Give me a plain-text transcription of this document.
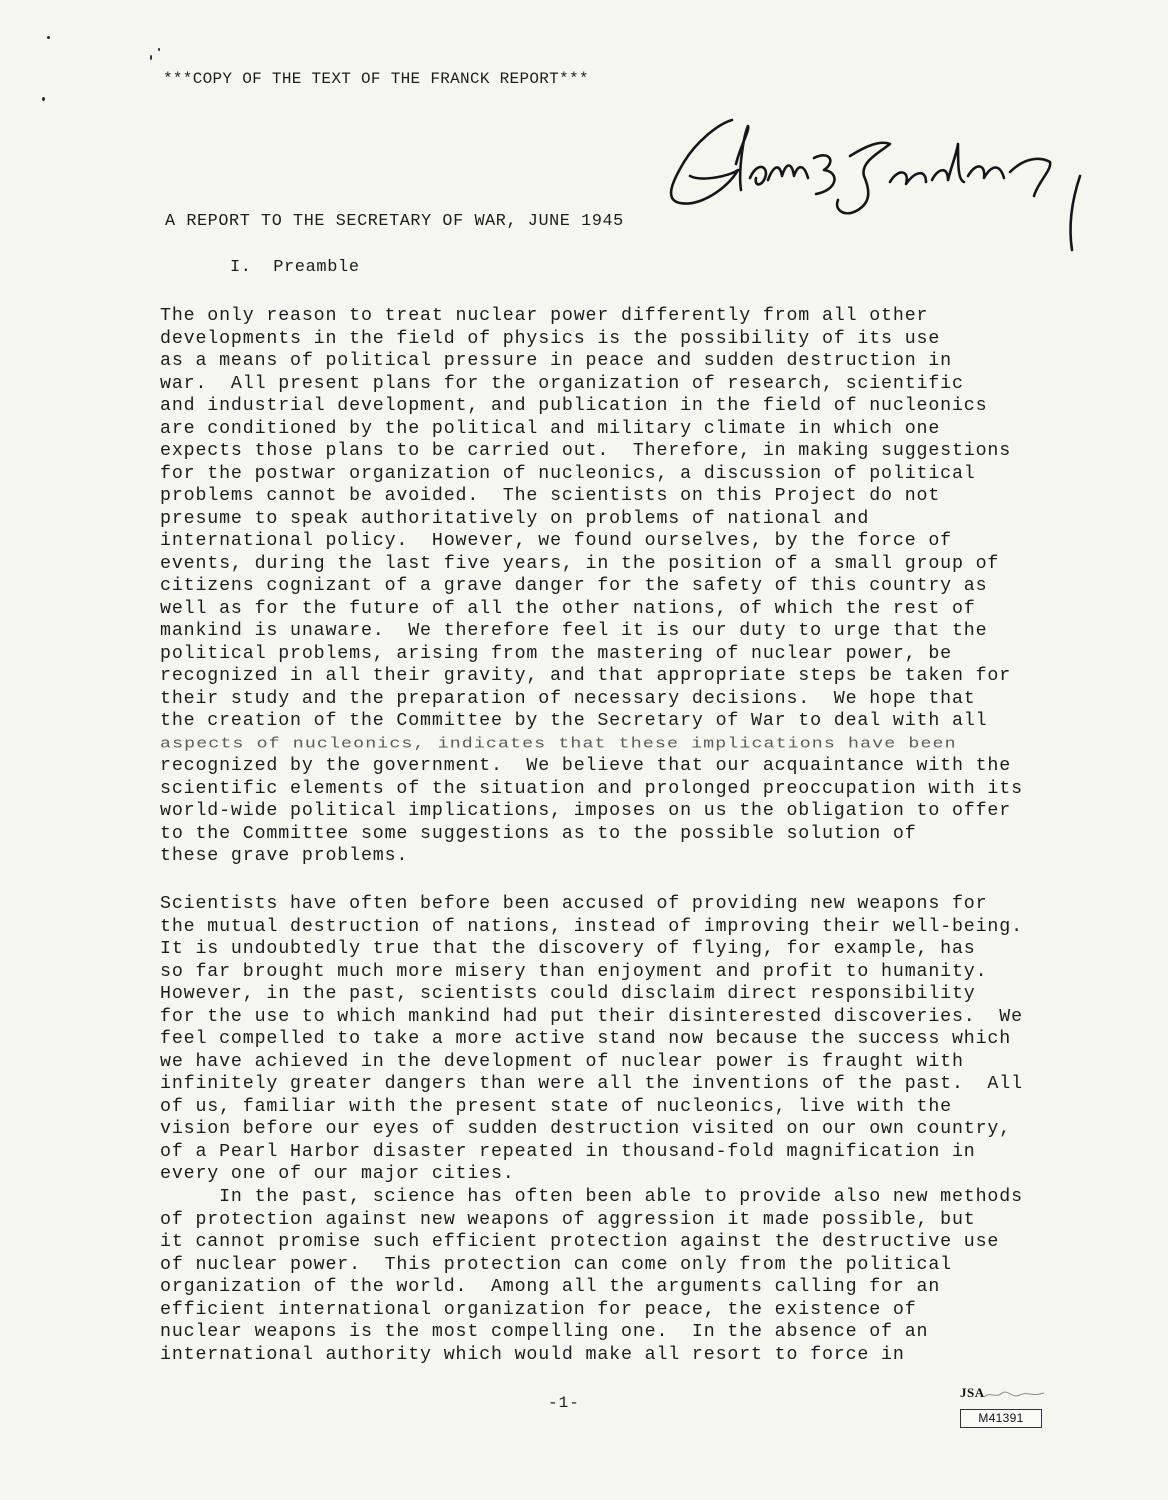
***COPY OF THE TEXT OF THE FRANCK REPORT***
A REPORT TO THE SECRETARY OF WAR, JUNE 1945
I.  Preamble
The only reason to treat nuclear power differently from all other
developments in the field of physics is the possibility of its use
as a means of political pressure in peace and sudden destruction in
war.  All present plans for the organization of research, scientific
and industrial development, and publication in the field of nucleonics
are conditioned by the political and military climate in which one
expects those plans to be carried out.  Therefore, in making suggestions
for the postwar organization of nucleonics, a discussion of political
problems cannot be avoided.  The scientists on this Project do not
presume to speak authoritatively on problems of national and
international policy.  However, we found ourselves, by the force of
events, during the last five years, in the position of a small group of
citizens cognizant of a grave danger for the safety of this country as
well as for the future of all the other nations, of which the rest of
mankind is unaware.  We therefore feel it is our duty to urge that the
political problems, arising from the mastering of nuclear power, be
recognized in all their gravity, and that appropriate steps be taken for
their study and the preparation of necessary decisions.  We hope that
the creation of the Committee by the Secretary of War to deal with all
aspects of nucleonics, indicates that these implications have been
recognized by the government.  We believe that our acquaintance with the
scientific elements of the situation and prolonged preoccupation with its
world-wide political implications, imposes on us the obligation to offer
to the Committee some suggestions as to the possible solution of
these grave problems.
Scientists have often before been accused of providing new weapons for
the mutual destruction of nations, instead of improving their well-being.
It is undoubtedly true that the discovery of flying, for example, has
so far brought much more misery than enjoyment and profit to humanity.
However, in the past, scientists could disclaim direct responsibility
for the use to which mankind had put their disinterested discoveries.  We
feel compelled to take a more active stand now because the success which
we have achieved in the development of nuclear power is fraught with
infinitely greater dangers than were all the inventions of the past.  All
of us, familiar with the present state of nucleonics, live with the
vision before our eyes of sudden destruction visited on our own country,
of a Pearl Harbor disaster repeated in thousand-fold magnification in
every one of our major cities.
In the past, science has often been able to provide also new methods
of protection against new weapons of aggression it made possible, but
it cannot promise such efficient protection against the destructive use
of nuclear power.  This protection can come only from the political
organization of the world.  Among all the arguments calling for an
efficient international organization for peace, the existence of
nuclear weapons is the most compelling one.  In the absence of an
international authority which would make all resort to force in
-1-
JSA
M41391
